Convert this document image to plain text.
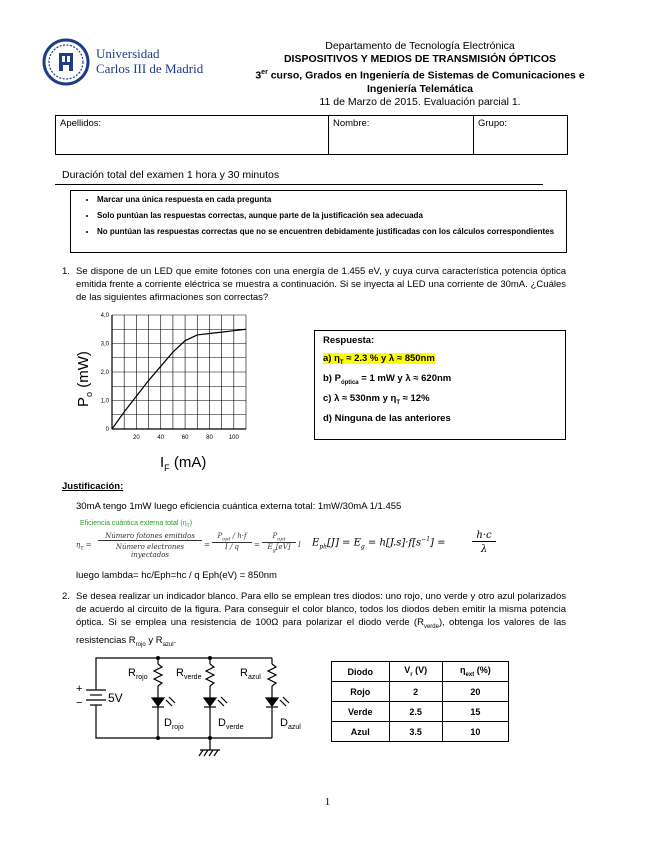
Universidad
Carlos III de Madrid
Departamento de Tecnología Electrónica
DISPOSITIVOS Y MEDIOS DE TRANSMISIÓN ÓPTICOS
3er curso, Grados en Ingeniería de Sistemas de Comunicaciones e
Ingeniería Telemática
11 de Marzo de 2015. Evaluación parcial 1.
Apellidos:	Nombre:	Grupo:
Duración total del examen 1 hora y 30 minutos
• Marcar una única respuesta en cada pregunta
• Solo puntúan las respuestas correctas, aunque parte de la justificación sea adecuada
• No puntúan las respuestas correctas que no se encuentren debidamente justificadas con los cálculos correspondientes
1. Se dispone de un LED que emite fotones con una energía de 1.455 eV, y cuya curva característica potencia óptica emitida frente a corriente eléctrica se muestra a continuación. Si se inyecta al LED una corriente de 30mA. ¿Cuáles de las siguientes afirmaciones son correctas?
20	40	60	80	100
0
1,0
2,0
3,0
4,0
$P_o$ (mW)
$I_F$ (mA)
Respuesta:
a) $\eta_T \approx 2.3$ % y λ ≈ 850nm
b) $P_{óptica} = 1$ mW y λ ≈ 620nm
c) λ ≈ 530nm y $\eta_T \approx 12\%$
d) Ninguna de las anteriores
Justificación:
30mA tengo 1mW luego eficiencia cuántica externa total: 1mW/30mA 1/1.455
Eficiencia cuántica externa total $(\eta_T)$
$\eta_T$ =
Número fotones emitidos
Número electrones inyectados
=
$P_{opt} / h\cdot f$
I / q	=
$P_{opt}$
$E_g[eV]$	I $E_{ph}[J] = E_g = h[J.s]\cdot f[s^{-1}]$ =
h·c
λ
luego lambda= hc/Eph=hc / q Eph(eV) = 850nm
2. Se desea realizar un indicador blanco. Para ello se emplean tres diodos: uno rojo, uno verde y otro azul polarizados de acuerdo al circuito de la figura. Para conseguir el color blanco, todos los diodos deben emitir la misma potencia óptica. Si se emplea una resistencia de 100Ω para polarizar el diodo verde $(R_{verde})$, obtenga los valores de las resistencias $R_{rojo}$ y $R_{azul}$.
+
− 5V
$R_{rojo}$	$R_{verde}$	$R_{azul}$
$D_{rojo}$	$D_{verde}$	$D_{azul}$
Diodo	$V_r$ (V)	$\eta_{ext}$ (%)
Rojo	2	20
Verde	2.5	15
Azul	3.5	10
1
